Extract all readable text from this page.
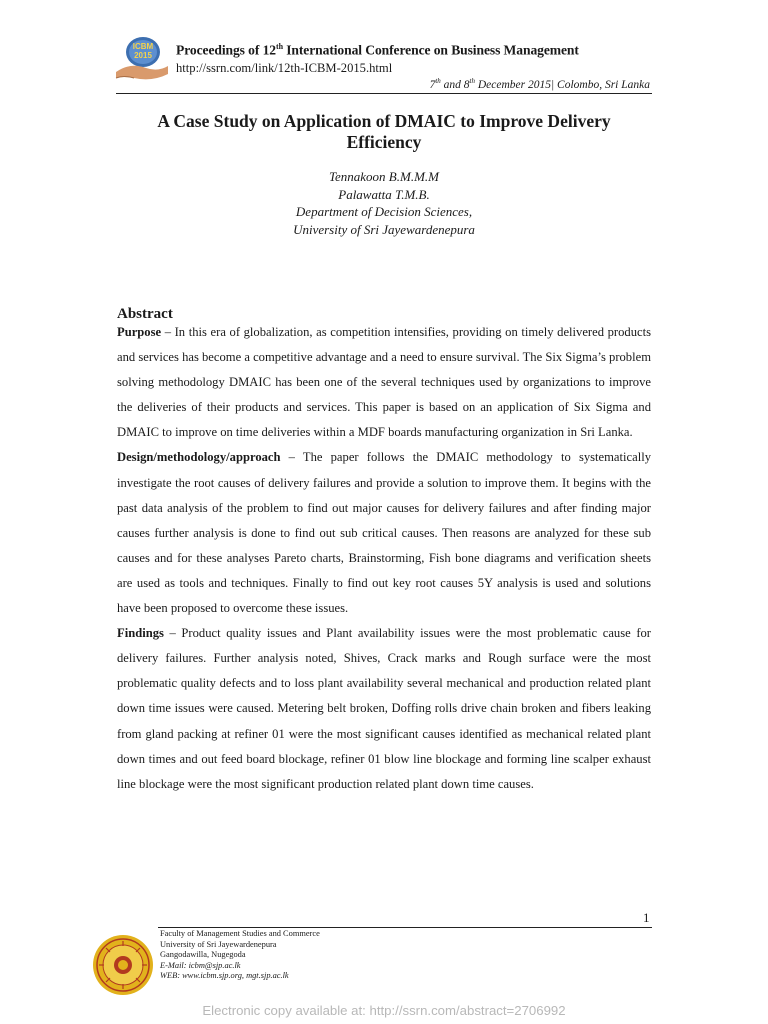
ICBM
2015 Proceedings of 12th International Conference on Business Management
http://ssrn.com/link/12th-ICBM-2015.html
7th and 8th December 2015| Colombo, Sri Lanka
A Case Study on Application of DMAIC to Improve Delivery
Efficiency
Tennakoon B.M.M.M
Palawatta T.M.B.
Department of Decision Sciences,
University of Sri Jayewardenepura
Abstract

Purpose – In this era of globalization, as competition intensifies, providing on timely delivered products and services has become a competitive advantage and a need to ensure survival. The Six Sigma’s problem solving methodology DMAIC has been one of the several techniques used by organizations to improve the deliveries of their products and services. This paper is based on an application of Six Sigma and DMAIC to improve on time deliveries within a MDF boards manufacturing organization in Sri Lanka.

Design/methodology/approach – The paper follows the DMAIC methodology to systematically investigate the root causes of delivery failures and provide a solution to improve them. It begins with the past data analysis of the problem to find out major causes for delivery failures and after finding major causes further analysis is done to find out sub critical causes. Then reasons are analyzed for these sub causes and for these analyses Pareto charts, Brainstorming, Fish bone diagrams and verification sheets are used as tools and techniques. Finally to find out key root causes 5Y analysis is used and solutions have been proposed to overcome these issues.

Findings – Product quality issues and Plant availability issues were the most problematic cause for delivery failures. Further analysis noted, Shives, Crack marks and Rough surface were the most problematic quality defects and to loss plant availability several mechanical and production related plant down time issues were caused. Metering belt broken, Doffing rolls drive chain broken and fibers leaking from gland packing at refiner 01 were the most significant causes identified as mechanical related plant down times and out feed board blockage, refiner 01 blow line blockage and forming line scalper exhaust line blockage were the most significant production related plant down time causes.

1
Faculty of Management Studies and Commerce
University of Sri Jayewardenepura
Gangodawilla, Nugegoda
E-Mail: icbm@sjp.ac.lk
WEB: www.icbm.sjp.org, mgt.sjp.ac.lk
Electronic copy available at: http://ssrn.com/abstract=2706992
